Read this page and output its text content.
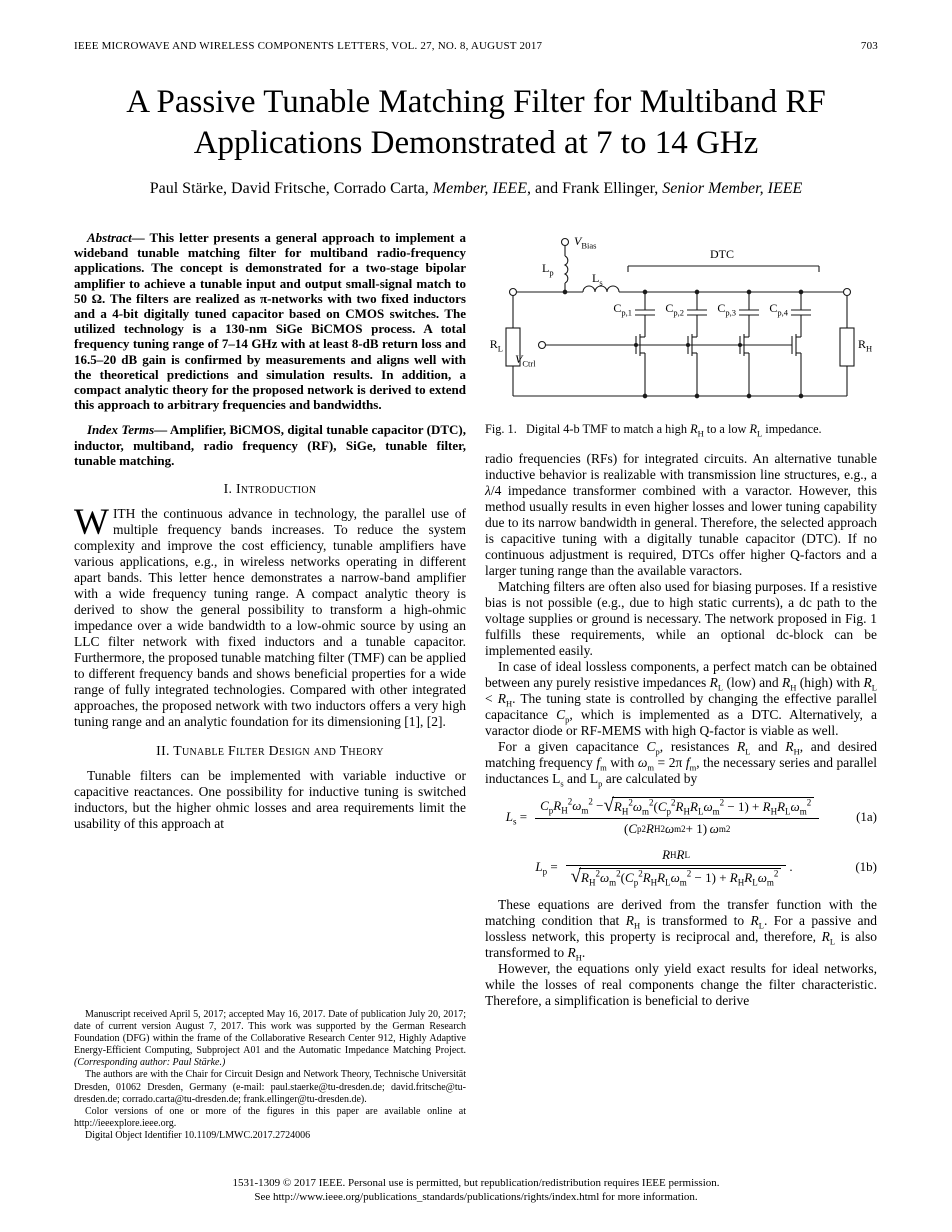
IEEE MICROWAVE AND WIRELESS COMPONENTS LETTERS, VOL. 27, NO. 8, AUGUST 2017	703
A Passive Tunable Matching Filter for Multiband RF Applications Demonstrated at 7 to 14 GHz
Paul Stärke, David Fritsche, Corrado Carta, Member, IEEE, and Frank Ellinger, Senior Member, IEEE

Abstract— This letter presents a general approach to implement a wideband tunable matching filter for multiband radio-frequency applications. The concept is demonstrated for a two-stage bipolar amplifier to achieve a tunable input and output small-signal match to 50 Ω. The filters are realized as π-networks with two fixed inductors and a 4-bit digitally tuned capacitor based on CMOS switches. The utilized technology is a 130-nm SiGe BiCMOS process. A total frequency tuning range of 7–14 GHz with at least 8-dB return loss and 16.5–20 dB gain is confirmed by measurements and aligns well with the theoretical predictions and simulation results. In addition, a compact analytic theory for the proposed network is derived to extend this approach to arbitrary frequencies and bandwidths.

Index Terms— Amplifier, BiCMOS, digital tunable capacitor (DTC), inductor, multiband, radio frequency (RF), SiGe, tunable filter, tunable matching.

I. Introduction

WITH the continuous advance in technology, the parallel use of multiple frequency bands increases. To reduce the system complexity and improve the cost efficiency, tunable amplifiers have various applications, e.g., in wireless networks operating in different apart bands. This letter hence demonstrates a narrow-band amplifier with a wide frequency tuning range. A compact analytic theory is derived to show the general possibility to transform a high-ohmic impedance over a wide bandwidth to a low-ohmic source by using an LLC filter network with fixed inductors and a tunable capacitor. Furthermore, the proposed tunable matching filter (TMF) can be applied to different frequency bands and shows beneficial properties for a wide range of fully integrated technologies. Compared with other integrated approaches, the proposed network with two inductors offers a very high tuning range and an analytic foundation for its dimensioning [1], [2].

II. Tunable Filter Design and Theory

Tunable filters can be implemented with variable inductive or capacitive reactances. One possibility for inductive tuning is switched inductors, but the higher ohmic losses and area requirements limit the usability of this approach at

Manuscript received April 5, 2017; accepted May 16, 2017. Date of publication July 20, 2017; date of current version August 7, 2017. This work was supported by the German Research Foundation (DFG) within the frame of the Collaborative Research Center 912, Highly Adaptive Energy-Efficient Computing, Subproject A01 and the Automatic Impedance Matching Project. (Corresponding author: Paul Stärke.)

The authors are with the Chair for Circuit Design and Network Theory, Technische Universität Dresden, 01062 Dresden, Germany (e-mail: paul.staerke@tu-dresden.de; david.fritsche@tu-dresden.de; corrado.carta@tu-dresden.de; frank.ellinger@tu-dresden.de).

Color versions of one or more of the figures in this paper are available online at http://ieeexplore.ieee.org.

Digital Object Identifier 10.1109/LMWC.2017.2724006

$V_{Bias}$
DTC
$L_p$	$L_s$
$C_{p,1}$	$C_{p,2}$	$C_{p,3}$	$C_{p,4}$
$R_L$	$R_H$
$V_{Ctrl}$

Fig. 1.   Digital 4-b TMF to match a high $R_H$ to a low $R_L$ impedance.

radio frequencies (RFs) for integrated circuits. An alternative tunable inductive behavior is realizable with transmission line structures, e.g., a λ/4 impedance transformer combined with a varactor. However, this method usually results in even higher losses and lower tuning capability due to its narrow bandwidth in general. Therefore, the selected approach is capacitive tuning with a digitally tunable capacitor (DTC). If no continuous adjustment is required, DTCs offer higher Q-factors and a larger tuning range than the available varactors.

Matching filters are often also used for biasing purposes. If a resistive bias is not possible (e.g., due to high static currents), a dc path to the voltage supplies or ground is necessary. The network proposed in Fig. 1 fulfills these requirements, while an optional dc-block can be implemented easily.

In case of ideal lossless components, a perfect match can be obtained between any purely resistive impedances $R_L$ (low) and $R_H$ (high) with $R_L < R_H$. The tuning state is controlled by changing the effective parallel capacitance $C_p$, which is implemented as a DTC. Alternatively, a varactor diode or RF-MEMS with high Q-factor is viable as well.

For a given capacitance $C_p$, resistances $R_L$ and $R_H$, and desired matching frequency $f_m$ with $\omega_m = 2\pi$ $f_m$, the necessary series and parallel inductances $L_s$ and $L_p$ are calculated by

$L_s = \frac{C_pR_H^2\omega_m^2 - √ R_H^2\omega_m^2(C_p^2R_HR_L\omega_m^2 - 1) + R_HR_L\omega_m^2}{\text{( C p 2 R H 2 ω m 2 + 1)  ω m 2}}$	(1a)
$L_p = \frac{\text{R H R L}}{√ R_H^2\omega_m^2(C_p^2R_HR_L\omega_m^2 - 1) + R_HR_L\omega_m^2}$ .	(1b)

These equations are derived from the transfer function with the matching condition that $R_H$ is transformed to $R_L$. For a passive and lossless network, this property is reciprocal and, therefore, $R_L$ is also transformed to $R_H$.

However, the equations only yield exact results for ideal networks, while the losses of real components change the filter characteristic. Therefore, a simplification is beneficial to derive

1531-1309 © 2017 IEEE. Personal use is permitted, but republication/redistribution requires IEEE permission.
See http://www.ieee.org/publications_standards/publications/rights/index.html for more information.
